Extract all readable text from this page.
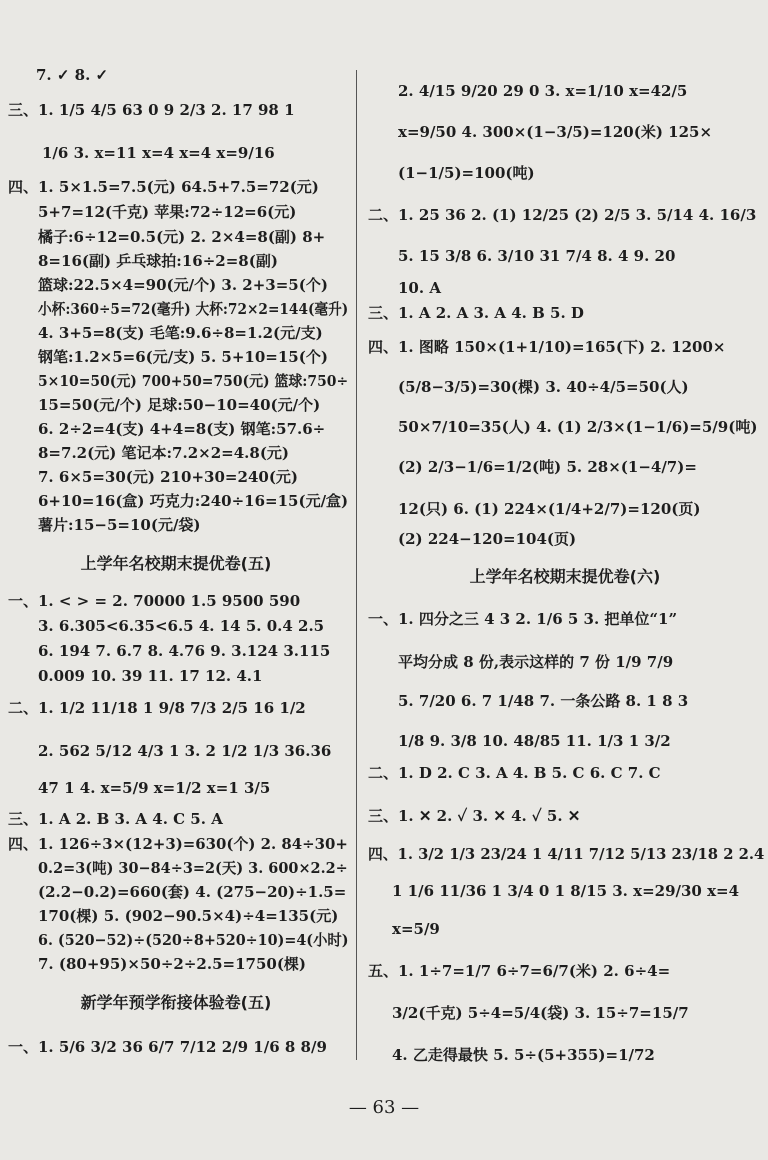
7. ✓ 8. ✓
三、1. 1/5 4/5 63 0 9 2/3 2. 17 98 1
1/6 3. x=11 x=4 x=4 x=9/16
四、1. 5×1.5=7.5(元) 64.5+7.5=72(元)
5+7=12(千克) 苹果:72÷12=6(元)
橘子:6÷12=0.5(元) 2. 2×4=8(副) 8+
8=16(副) 乒乓球拍:16÷2=8(副)
篮球:22.5×4=90(元/个) 3. 2+3=5(个)
小杯:360÷5=72(毫升) 大杯:72×2=144(毫升)
4. 3+5=8(支) 毛笔:9.6÷8=1.2(元/支)
钢笔:1.2×5=6(元/支) 5. 5+10=15(个)
5×10=50(元) 700+50=750(元) 篮球:750÷
15=50(元/个) 足球:50−10=40(元/个)
6. 2÷2=4(支) 4+4=8(支) 钢笔:57.6÷
8=7.2(元) 笔记本:7.2×2=4.8(元)
7. 6×5=30(元) 210+30=240(元)
6+10=16(盒) 巧克力:240÷16=15(元/盒)
薯片:15−5=10(元/袋)
上学年名校期末提优卷(五)
一、1. < > = 2. 70000 1.5 9500 590
3. 6.305<6.35<6.5 4. 14 5. 0.4 2.5
6. 194 7. 6.7 8. 4.76 9. 3.124 3.115
0.009 10. 39 11. 17 12. 4.1
二、1. 1/2 11/18 1 9/8 7/3 2/5 16 1/2
2. 562 5/12 4/3 1 3. 2 1/2 1/3 36.36
47 1 4. x=5/9 x=1/2 x=1 3/5
三、1. A 2. B 3. A 4. C 5. A
四、1. 126÷3×(12+3)=630(个) 2. 84÷30+
0.2=3(吨) 30−84÷3=2(天) 3. 600×2.2÷
(2.2−0.2)=660(套) 4. (275−20)÷1.5=
170(棵) 5. (902−90.5×4)÷4=135(元)
6. (520−52)÷(520÷8+520÷10)=4(小时)
7. (80+95)×50÷2÷2.5=1750(棵)
新学年预学衔接体验卷(五)
一、1. 5/6 3/2 36 6/7 7/12 2/9 1/6 8 8/9
2. 4/15 9/20 29 0 3. x=1/10 x=42/5
x=9/50 4. 300×(1−3/5)=120(米) 125×
(1−1/5)=100(吨)
二、1. 25 36 2. (1) 12/25 (2) 2/5 3. 5/14 4. 16/3
5. 15 3/8 6. 3/10 31 7/4 8. 4 9. 20
10. A
三、1. A 2. A 3. A 4. B 5. D
四、1. 图略 150×(1+1/10)=165(下) 2. 1200×
(5/8−3/5)=30(棵) 3. 40÷4/5=50(人)
50×7/10=35(人) 4. (1) 2/3×(1−1/6)=5/9(吨)
(2) 2/3−1/6=1/2(吨) 5. 28×(1−4/7)=
12(只) 6. (1) 224×(1/4+2/7)=120(页)
(2) 224−120=104(页)
上学年名校期末提优卷(六)
一、1. 四分之三 4 3 2. 1/6 5 3. 把单位“1”
平均分成 8 份,表示这样的 7 份 1/9 7/9
5. 7/20 6. 7 1/48 7. 一条公路 8. 1 8 3
1/8 9. 3/8 10. 48/85 11. 1/3 1 3/2
二、1. D 2. C 3. A 4. B 5. C 6. C 7. C
三、1. ✕ 2. ✓ 3. ✕ 4. ✓ 5. ✕
四、1. 3/2 1/3 23/24 1 4/11 7/12 5/13 23/18 2 2.4
1 1/6 11/36 1 3/4 0 1 8/15 3. x=29/30 x=4
x=5/9
五、1. 1÷7=1/7 6÷7=6/7(米) 2. 6÷4=
3/2(千克) 5÷4=5/4(袋) 3. 15÷7=15/7
4. 乙走得最快 5. 5÷(5+355)=1/72
— 63 —
